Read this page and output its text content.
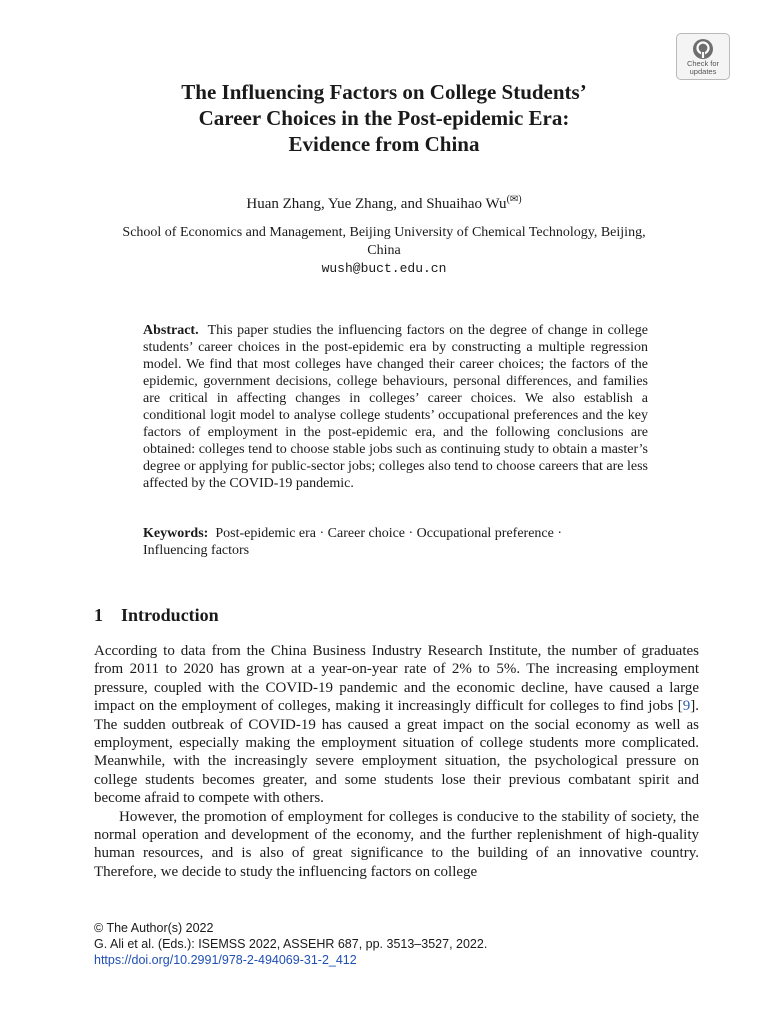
Check for
updates
The Influencing Factors on College Students’
Career Choices in the Post-epidemic Era:
Evidence from China
Huan Zhang, Yue Zhang, and Shuaihao Wu(✉)
School of Economics and Management, Beijing University of Chemical Technology, Beijing,
China
wush@buct.edu.cn
Abstract. This paper studies the influencing factors on the degree of change in college students’ career choices in the post-epidemic era by constructing a multiple regression model. We find that most colleges have changed their career choices; the factors of the epidemic, government decisions, college behaviours, personal differences, and families are critical in affecting changes in colleges’ career choices. We also establish a conditional logit model to analyse college students’ occupational preferences and the key factors of employment in the post-epidemic era, and the following conclusions are obtained: colleges tend to choose stable jobs such as continuing study to obtain a master’s degree or applying for public-sector jobs; colleges also tend to choose careers that are less affected by the COVID-19 pandemic.
Keywords: Post-epidemic era · Career choice · Occupational preference ·
Influencing factors
1 Introduction

According to data from the China Business Industry Research Institute, the number of graduates from 2011 to 2020 has grown at a year-on-year rate of 2% to 5%. The increasing employment pressure, coupled with the COVID-19 pandemic and the economic decline, have caused a large impact on the employment of colleges, making it increasingly difficult for colleges to find jobs [9]. The sudden outbreak of COVID-19 has caused a great impact on the social economy as well as employment, especially making the employment situation of college students more complicated. Meanwhile, with the increasingly severe employment situation, the psychological pressure on college students becomes greater, and some students lose their previous combatant spirit and become afraid to compete with others.

However, the promotion of employment for colleges is conducive to the stability of society, the normal operation and development of the economy, and the further replenishment of high-quality human resources, and is also of great significance to the building of an innovative country. Therefore, we decide to study the influencing factors on college

© The Author(s) 2022
G. Ali et al. (Eds.): ISEMSS 2022, ASSEHR 687, pp. 3513–3527, 2022.
https://doi.org/10.2991/978-2-494069-31-2_412
